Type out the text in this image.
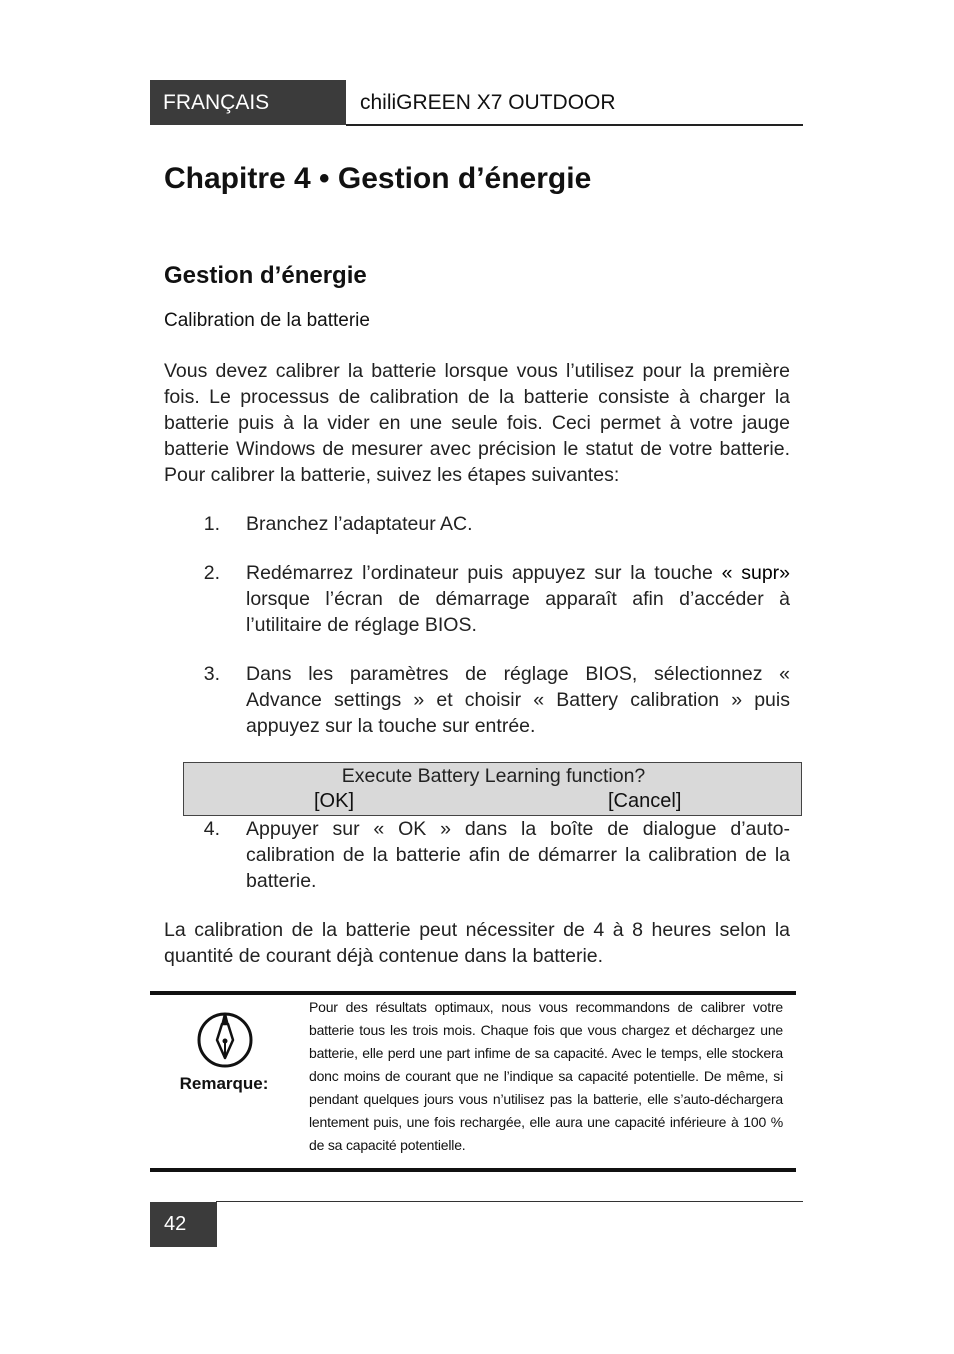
FRANÇAIS	chiliGREEN X7 OUTDOOR
Chapitre 4 • Gestion d’énergie
Gestion d’énergie
Calibration de la batterie

Vous devez calibrer la batterie lorsque vous l’utilisez pour la première fois. Le processus de calibration de la batterie consiste à charger la batterie puis à la vider en une seule fois. Ceci permet à votre jauge batterie Windows de mesurer avec précision le statut de votre batterie. Pour calibrer la batterie, suivez les étapes suivantes:

1. Branchez l’adaptateur AC.

2. Redémarrez l’ordinateur puis appuyez sur la touche « supr» lorsque l’écran de démarrage apparaît afin d’accéder à l’utilitaire de réglage BIOS.

3. Dans les paramètres de réglage BIOS, sélectionnez « Advance settings » et choisir « Battery calibration » puis appuyez sur la touche sur entrée.

Execute Battery Learning function?
[OK]	[Cancel]
4. Appuyer sur « OK » dans la boîte de dialogue d’auto-calibration de la batterie afin de démarrer la calibration de la batterie.

La calibration de la batterie peut nécessiter de 4 à 8 heures selon la quantité de courant déjà contenue dans la batterie.

Remarque:

Pour des résultats optimaux, nous vous recommandons de calibrer votre batterie tous les trois mois. Chaque fois que vous chargez et déchargez une batterie, elle perd une part infime de sa capacité. Avec le temps, elle stockera donc moins de courant que ne l’indique sa capacité potentielle. De même, si pendant quelques jours vous n’utilisez pas la batterie, elle s’auto-déchargera lentement puis, une fois rechargée, elle aura une capacité inférieure à 100 % de sa capacité potentielle.

42
